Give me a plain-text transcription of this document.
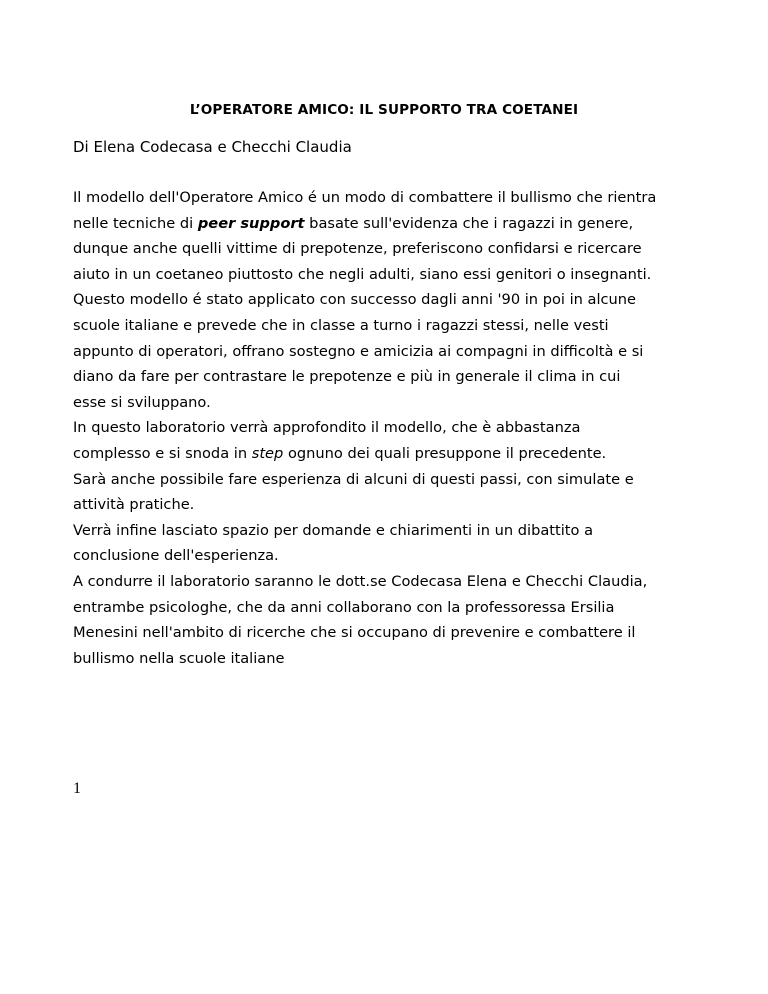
L’OPERATORE AMICO: IL SUPPORTO TRA COETANEI
Di Elena Codecasa e Checchi Claudia
Il modello dell'Operatore Amico é un modo di combattere il bullismo che rientra
nelle tecniche di peer support basate sull'evidenza che i ragazzi in genere,
dunque anche quelli vittime di prepotenze, preferiscono confidarsi e ricercare
aiuto in un coetaneo piuttosto che negli adulti, siano essi genitori o insegnanti.
Questo modello é stato applicato con successo dagli anni '90 in poi in alcune
scuole italiane e prevede che in classe a turno i ragazzi stessi, nelle vesti
appunto di operatori, offrano sostegno e amicizia ai compagni in difficoltà e si
diano da fare per contrastare le prepotenze e più in generale il clima in cui
esse si sviluppano.
In questo laboratorio verrà approfondito il modello, che è abbastanza
complesso e si snoda in step ognuno dei quali presuppone il precedente.
Sarà anche possibile fare esperienza di alcuni di questi passi, con simulate e
attività pratiche.
Verrà infine lasciato spazio per domande e chiarimenti in un dibattito a
conclusione dell'esperienza.
A condurre il laboratorio saranno le dott.se Codecasa Elena e Checchi Claudia,
entrambe psicologhe, che da anni collaborano con la professoressa Ersilia
Menesini nell'ambito di ricerche che si occupano di prevenire e combattere il
bullismo nella scuole italiane
1
